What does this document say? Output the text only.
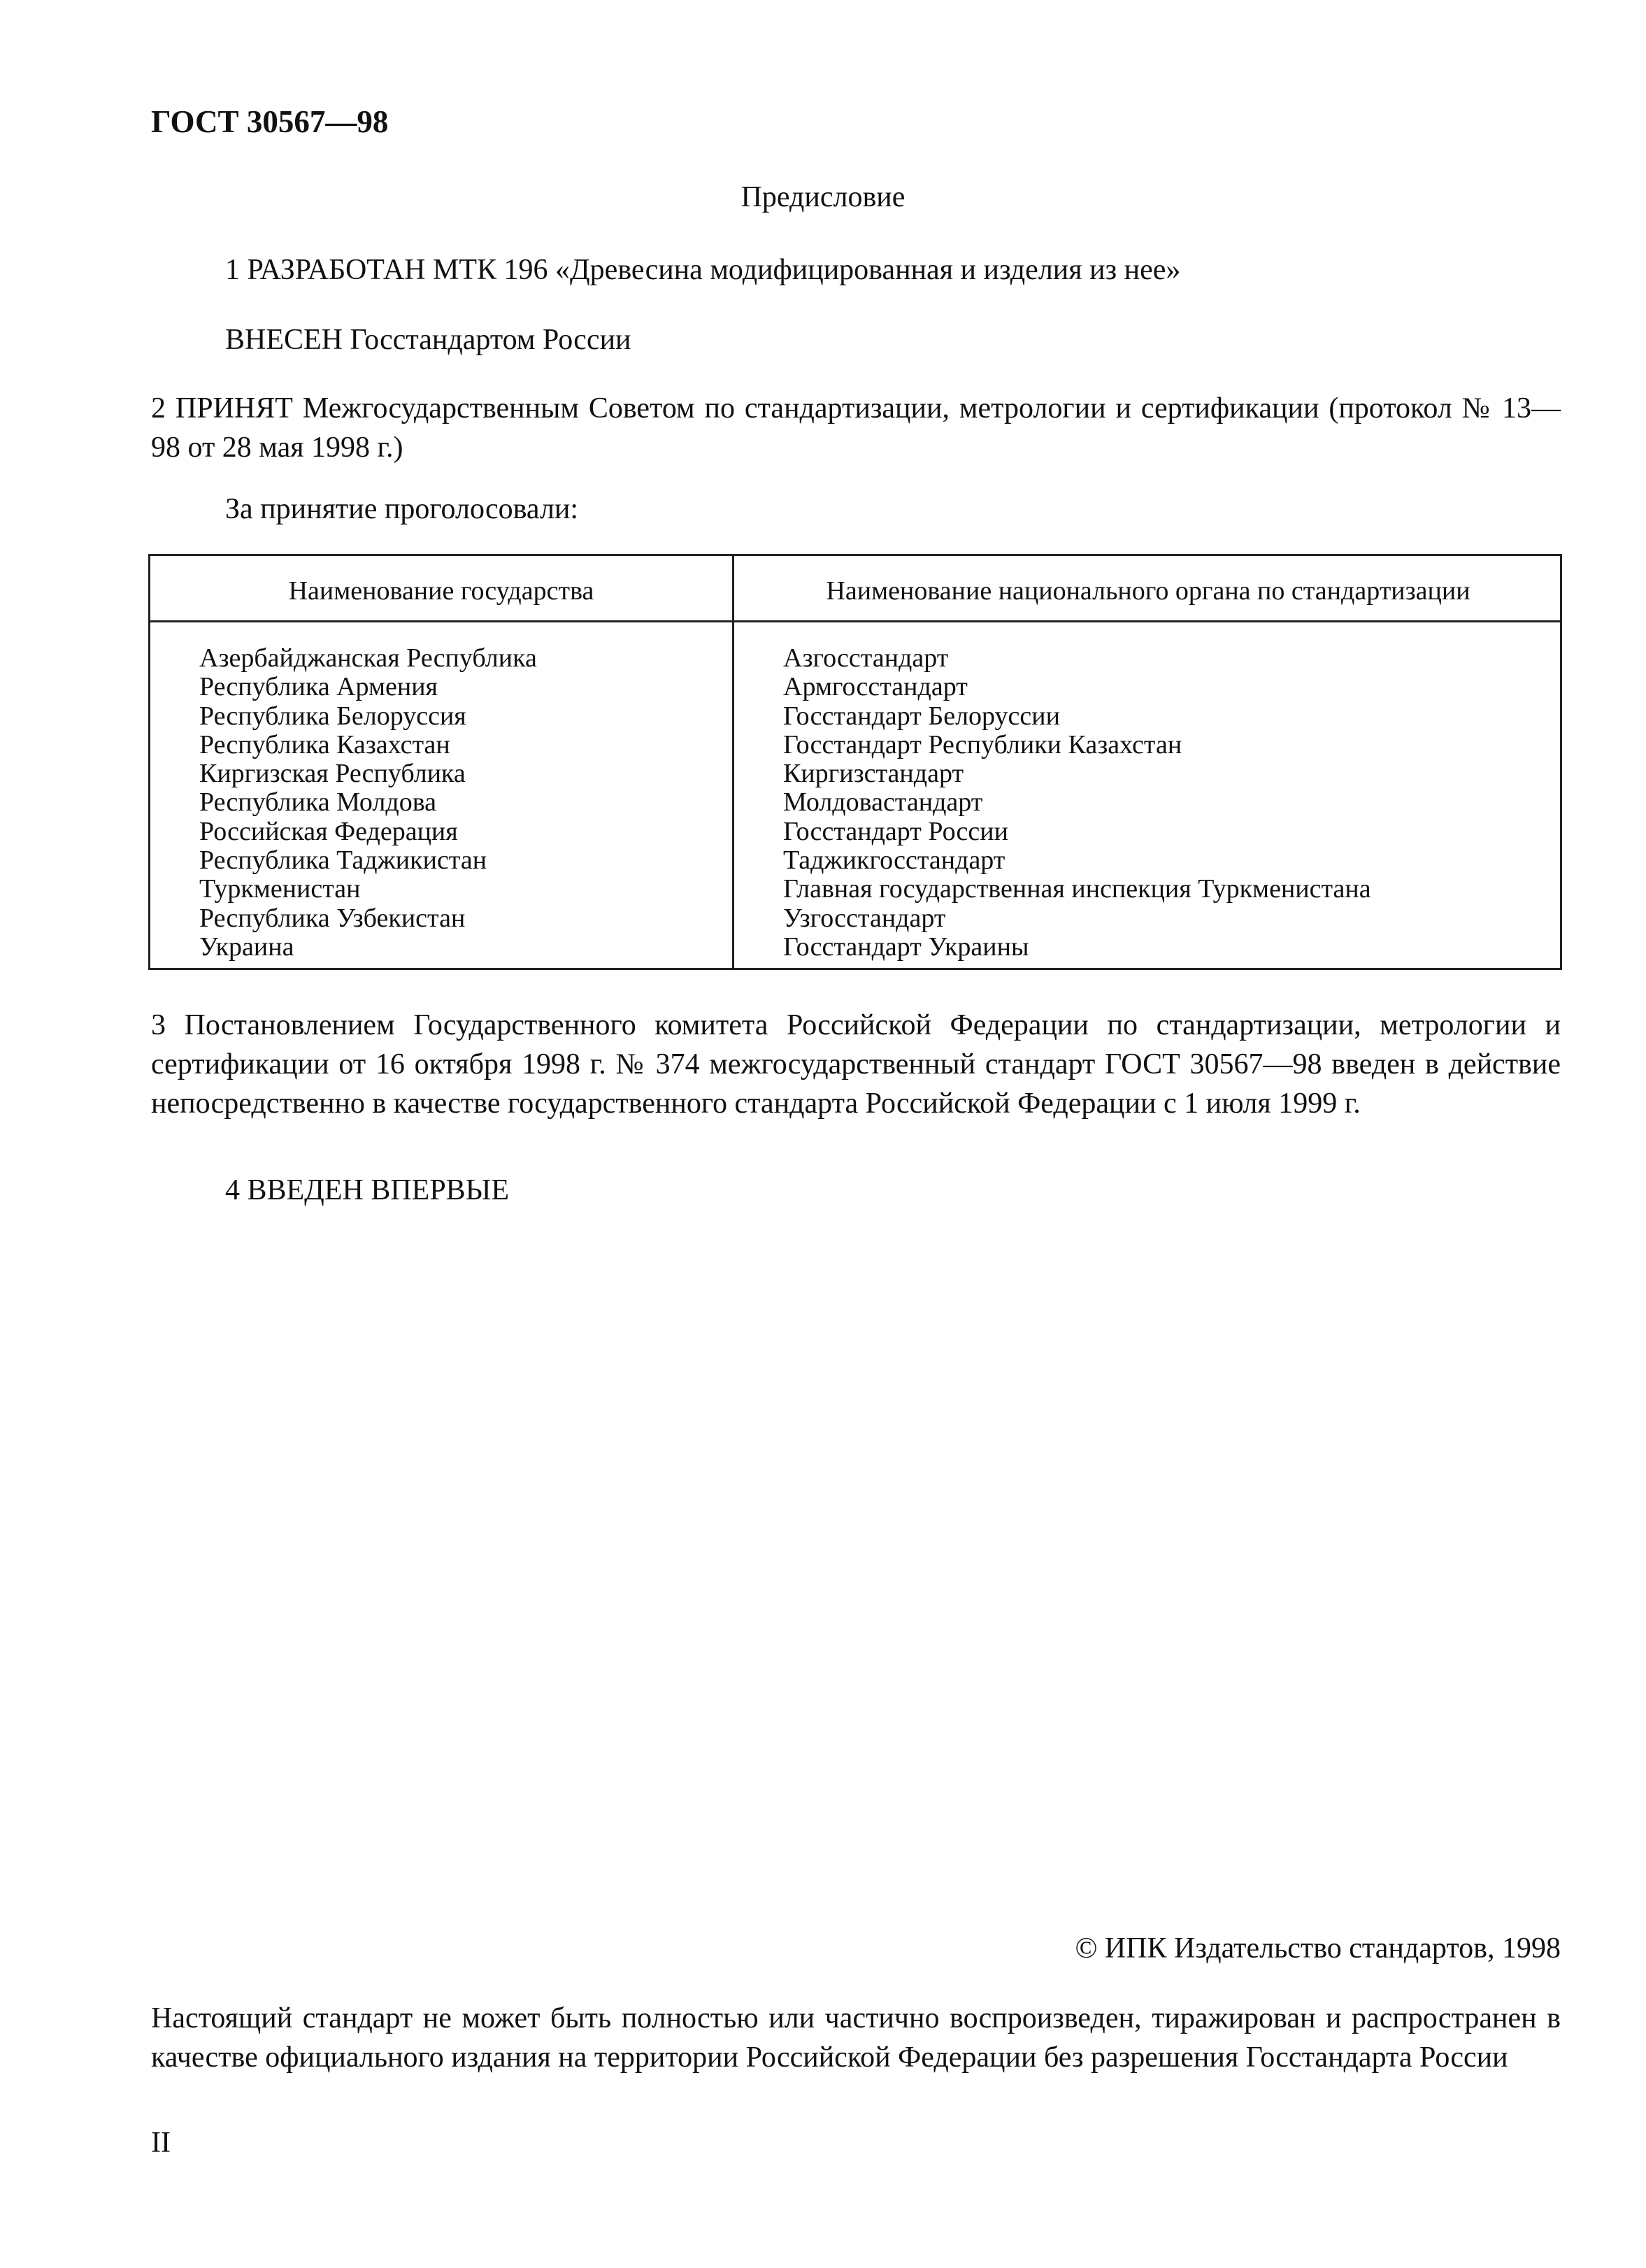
ГОСТ 30567—98
Предисловие
1 РАЗРАБОТАН МТК 196 «Древесина модифицированная и изделия из нее»
ВНЕСЕН Госстандартом России
2 ПРИНЯТ Межгосударственным Советом по стандартизации, метрологии и сертификации (протокол № 13—98 от 28 мая 1998 г.)
За принятие проголосовали:
Наименование государства	Наименование национального органа по стандартизации
Азербайджанская Республика
Республика Армения
Республика Белоруссия
Республика Казахстан
Киргизская Республика
Республика Молдова
Российская Федерация
Республика Таджикистан
Туркменистан
Республика Узбекистан
Украина
Азгосстандарт
Армгосстандарт
Госстандарт Белоруссии
Госстандарт Республики Казахстан
Киргизстандарт
Молдовастандарт
Госстандарт России
Таджикгосстандарт
Главная государственная инспекция Туркменистана
Узгосстандарт
Госстандарт Украины
3 Постановлением Государственного комитета Российской Федерации по стандартизации, метрологии и сертификации от 16 октября 1998 г. № 374 межгосударственный стандарт ГОСТ 30567—98 введен в действие непосредственно в качестве государственного стандарта Российской Федерации с 1 июля 1999 г.
4 ВВЕДЕН ВПЕРВЫЕ
© ИПК Издательство стандартов, 1998
Настоящий стандарт не может быть полностью или частично воспроизведен, тиражирован и распространен в качестве официального издания на территории Российской Федерации без разрешения Госстандарта России
II
